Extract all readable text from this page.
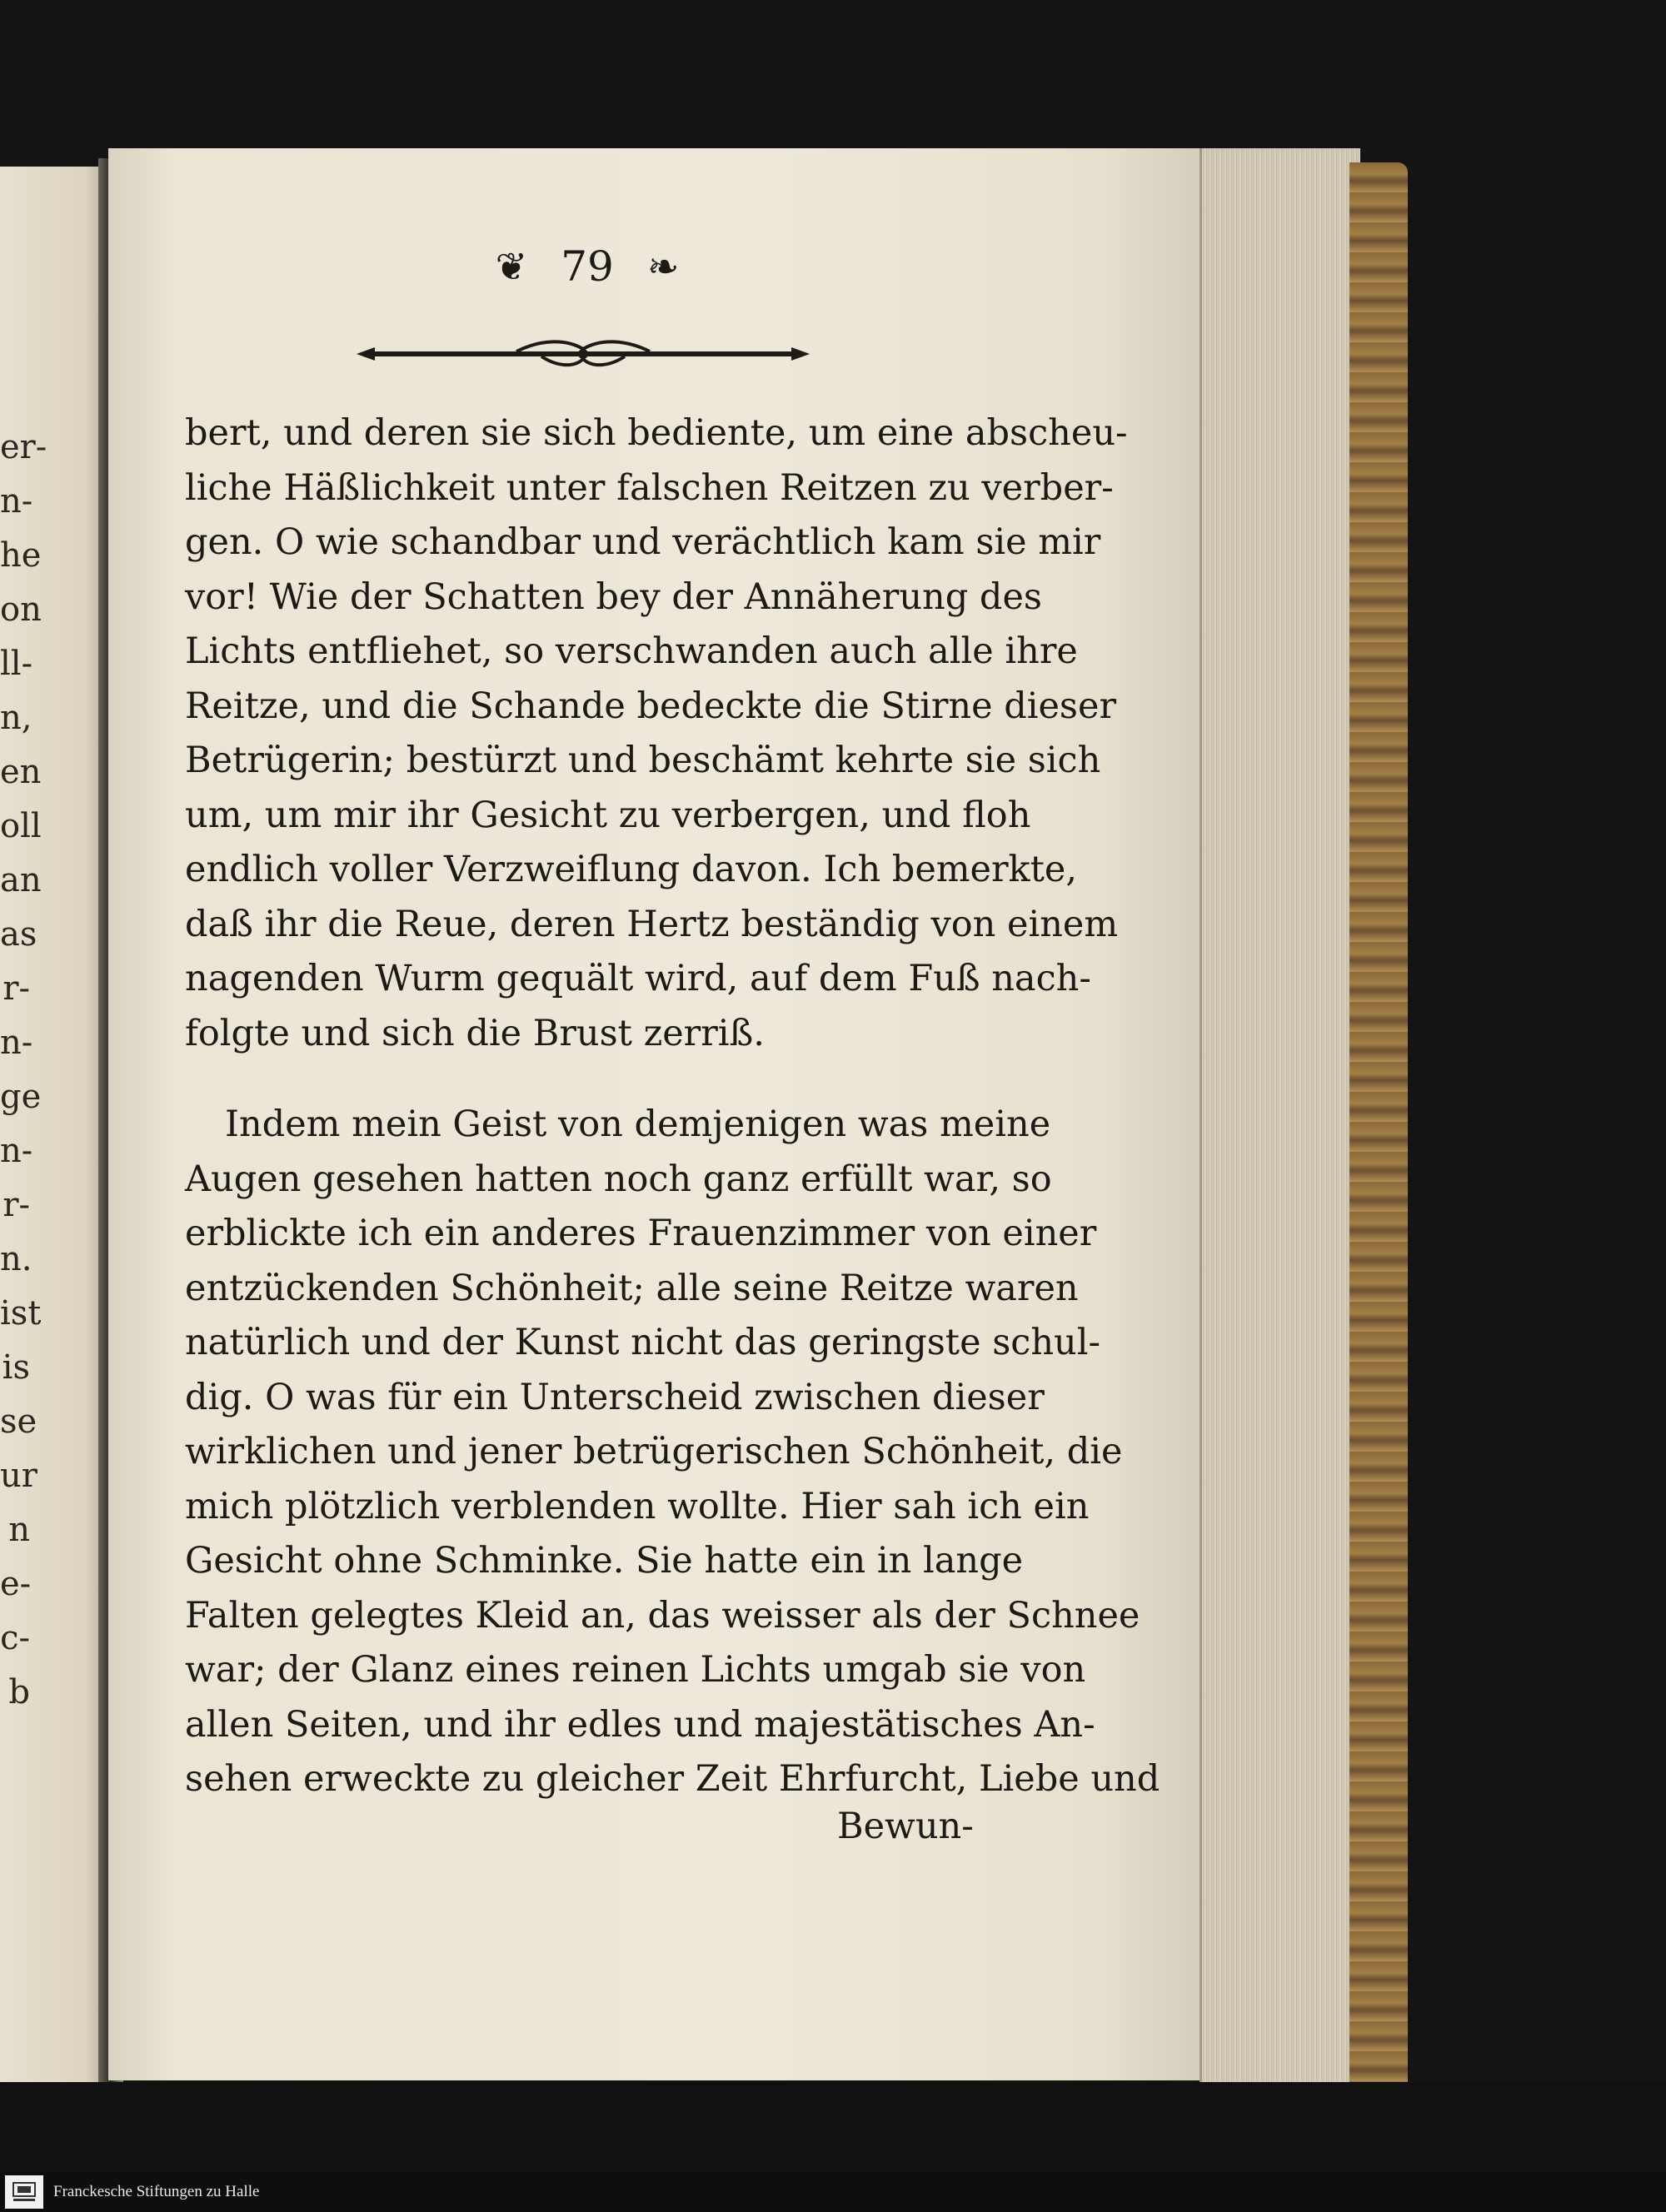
er-
n-
he
on
ll-
n,
en
oll
an
as
r-
n-
ge
n-
r-
n.
ist
is
se
ur
n
e-
c-
b
❦ 79 ❧

bert, und deren sie sich bediente, um eine abscheu-

liche Häßlichkeit unter falschen Reitzen zu verber-

gen. O wie schandbar und verächtlich kam sie mir

vor! Wie der Schatten bey der Annäherung des

Lichts entfliehet, so verschwanden auch alle ihre

Reitze, und die Schande bedeckte die Stirne dieser

Betrügerin; bestürzt und beschämt kehrte sie sich

um, um mir ihr Gesicht zu verbergen, und floh

endlich voller Verzweiflung davon. Ich bemerkte,

daß ihr die Reue, deren Hertz beständig von einem

nagenden Wurm gequält wird, auf dem Fuß nach-

folgte und sich die Brust zerriß.

Indem mein Geist von demjenigen was meine

Augen gesehen hatten noch ganz erfüllt war, so

erblickte ich ein anderes Frauenzimmer von einer

entzückenden Schönheit; alle seine Reitze waren

natürlich und der Kunst nicht das geringste schul-

dig. O was für ein Unterscheid zwischen dieser

wirklichen und jener betrügerischen Schönheit, die

mich plötzlich verblenden wollte. Hier sah ich ein

Gesicht ohne Schminke. Sie hatte ein in lange

Falten gelegtes Kleid an, das weisser als der Schnee

war; der Glanz eines reinen Lichts umgab sie von

allen Seiten, und ihr edles und majestätisches An-

sehen erweckte zu gleicher Zeit Ehrfurcht, Liebe und

Bewun-
Franckesche Stiftungen zu Halle
